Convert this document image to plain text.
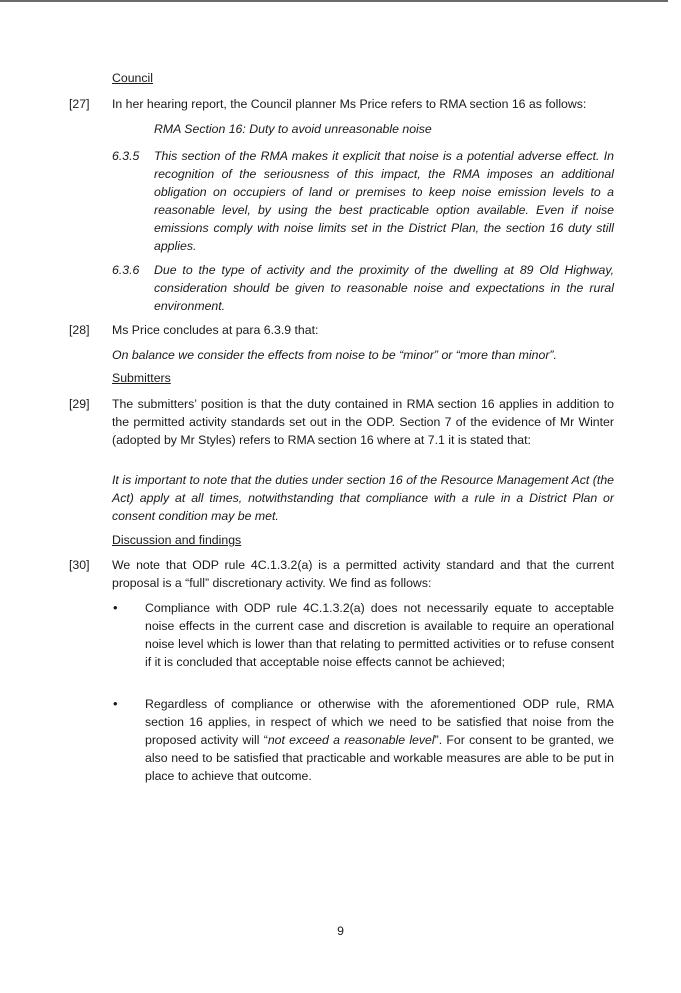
Council
[27] In her hearing report, the Council planner Ms Price refers to RMA section 16 as follows:
RMA Section 16: Duty to avoid unreasonable noise
6.3.5 This section of the RMA makes it explicit that noise is a potential adverse effect. In recognition of the seriousness of this impact, the RMA imposes an additional obligation on occupiers of land or premises to keep noise emission levels to a reasonable level, by using the best practicable option available. Even if noise emissions comply with noise limits set in the District Plan, the section 16 duty still applies.
6.3.6 Due to the type of activity and the proximity of the dwelling at 89 Old Highway, consideration should be given to reasonable noise and expectations in the rural environment.
[28] Ms Price concludes at para 6.3.9 that:
On balance we consider the effects from noise to be “minor” or “more than minor”.
Submitters
[29] The submitters’ position is that the duty contained in RMA section 16 applies in addition to the permitted activity standards set out in the ODP. Section 7 of the evidence of Mr Winter (adopted by Mr Styles) refers to RMA section 16 where at 7.1 it is stated that:
It is important to note that the duties under section 16 of the Resource Management Act (the Act) apply at all times, notwithstanding that compliance with a rule in a District Plan or consent condition may be met.
Discussion and findings
[30] We note that ODP rule 4C.1.3.2(a) is a permitted activity standard and that the current proposal is a “full” discretionary activity. We find as follows:
• Compliance with ODP rule 4C.1.3.2(a) does not necessarily equate to acceptable noise effects in the current case and discretion is available to require an operational noise level which is lower than that relating to permitted activities or to refuse consent if it is concluded that acceptable noise effects cannot be achieved;
• Regardless of compliance or otherwise with the aforementioned ODP rule, RMA section 16 applies, in respect of which we need to be satisfied that noise from the proposed activity will “not exceed a reasonable level”. For consent to be granted, we also need to be satisfied that practicable and workable measures are able to be put in place to achieve that outcome.
9
